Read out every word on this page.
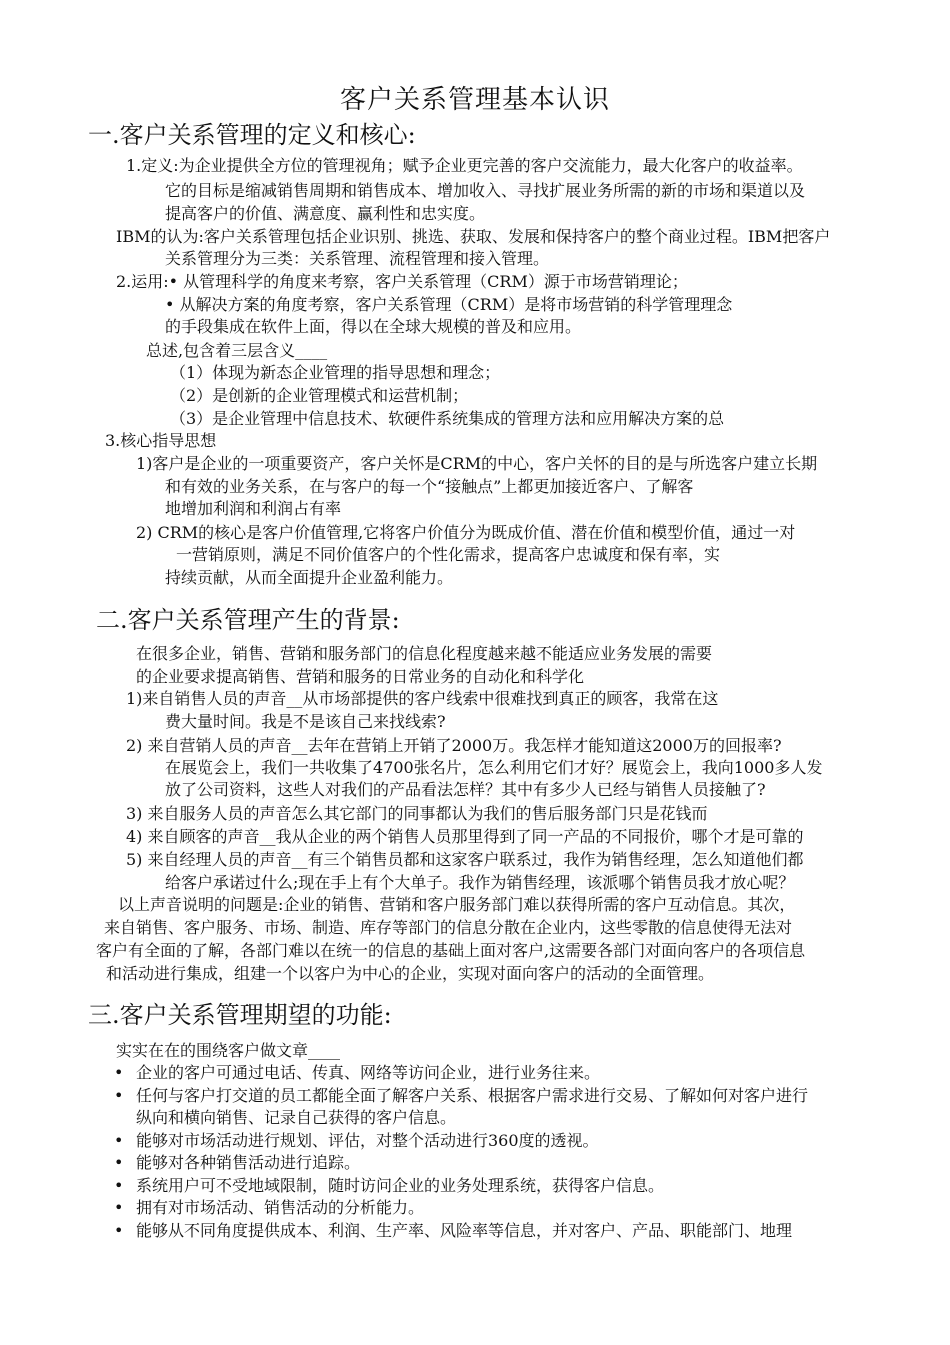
客户关系管理基本认识
一.客户关系管理的定义和核心:
1.定义:为企业提供全方位的管理视角；赋予企业更完善的客户交流能力，最大化客户的收益率。
它的目标是缩减销售周期和销售成本、增加收入、寻找扩展业务所需的新的市场和渠道以及
提高客户的价值、满意度、赢利性和忠实度。
IBM的认为:客户关系管理包括企业识别、挑选、获取、发展和保持客户的整个商业过程。IBM把客户
关系管理分为三类：关系管理、流程管理和接入管理。
2.运用:• 从管理科学的角度来考察，客户关系管理（CRM）源于市场营销理论；
• 从解决方案的角度考察，客户关系管理（CRM）是将市场营销的科学管理理念
的手段集成在软件上面，得以在全球大规模的普及和应用。
总述,包含着三层含义____
（1）体现为新态企业管理的指导思想和理念；
（2）是创新的企业管理模式和运营机制；
（3）是企业管理中信息技术、软硬件系统集成的管理方法和应用解决方案的总
3.核心指导思想
1)客户是企业的一项重要资产，客户关怀是CRM的中心，客户关怀的目的是与所选客户建立长期
和有效的业务关系，在与客户的每一个“接触点”上都更加接近客户、了解客
地增加利润和利润占有率
2) CRM的核心是客户价值管理,它将客户价值分为既成价值、潜在价值和模型价值，通过一对
一营销原则，满足不同价值客户的个性化需求，提高客户忠诚度和保有率，实
持续贡献，从而全面提升企业盈利能力。
二.客户关系管理产生的背景:
在很多企业，销售、营销和服务部门的信息化程度越来越不能适应业务发展的需要
的企业要求提高销售、营销和服务的日常业务的自动化和科学化
1)来自销售人员的声音__从市场部提供的客户线索中很难找到真正的顾客，我常在这
费大量时间。我是不是该自己来找线索?
2) 来自营销人员的声音__去年在营销上开销了2000万。我怎样才能知道这2000万的回报率?
在展览会上，我们一共收集了4700张名片，怎么利用它们才好？展览会上，我向1000多人发
放了公司资料，这些人对我们的产品看法怎样？其中有多少人已经与销售人员接触了?
3) 来自服务人员的声音怎么其它部门的同事都认为我们的售后服务部门只是花钱而
4) 来自顾客的声音__我从企业的两个销售人员那里得到了同一产品的不同报价，哪个才是可靠的
5) 来自经理人员的声音__有三个销售员都和这家客户联系过，我作为销售经理，怎么知道他们都
给客户承诺过什么;现在手上有个大单子。我作为销售经理，该派哪个销售员我才放心呢？
以上声音说明的问题是:企业的销售、营销和客户服务部门难以获得所需的客户互动信息。其次，
来自销售、客户服务、市场、制造、库存等部门的信息分散在企业内，这些零散的信息使得无法对
客户有全面的了解，各部门难以在统一的信息的基础上面对客户,这需要各部门对面向客户的各项信息
和活动进行集成，组建一个以客户为中心的企业，实现对面向客户的活动的全面管理。
三.客户关系管理期望的功能:
实实在在的围绕客户做文章____
• 企业的客户可通过电话、传真、网络等访问企业，进行业务往来。
• 任何与客户打交道的员工都能全面了解客户关系、根据客户需求进行交易、了解如何对客户进行
纵向和横向销售、记录自己获得的客户信息。
• 能够对市场活动进行规划、评估，对整个活动进行360度的透视。
• 能够对各种销售活动进行追踪。
• 系统用户可不受地域限制，随时访问企业的业务处理系统，获得客户信息。
• 拥有对市场活动、销售活动的分析能力。
• 能够从不同角度提供成本、利润、生产率、风险率等信息，并对客户、产品、职能部门、地理
